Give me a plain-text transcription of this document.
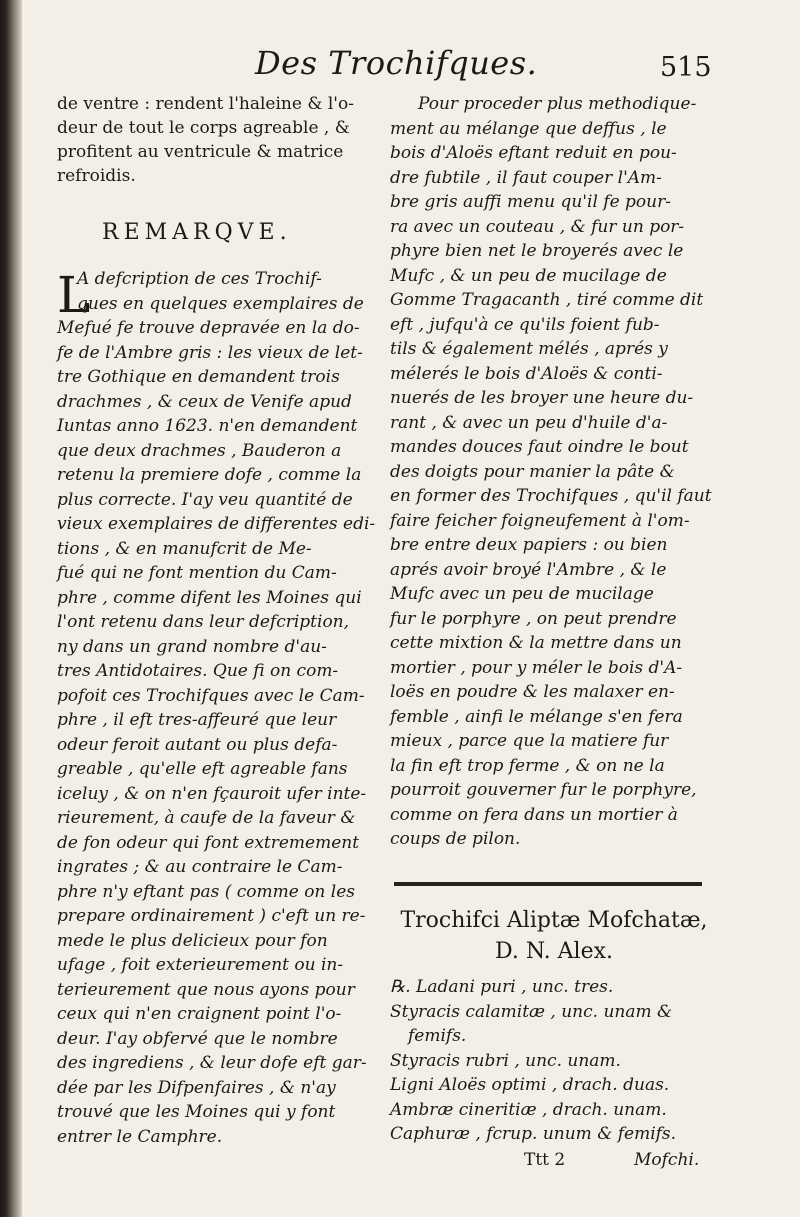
Des Trochifques.	515
de ventre : rendent l'haleine & l'o-
deur de tout le corps agreable , &
profitent au ventricule & matrice
refroidis.
REMARQVE.
L
A defcription de ces Trochif-
ques en quelques exemplaires de
Mefué fe trouve depravée en la do-
fe de l'Ambre gris : les vieux de let-
tre Gothique en demandent trois
drachmes , & ceux de Venife apud
Iuntas anno 1623. n'en demandent
que deux drachmes , Bauderon a
retenu la premiere dofe , comme la
plus correcte. I'ay veu quantité de
vieux exemplaires de differentes edi-
tions , & en manufcrit de Me-
fué qui ne font mention du Cam-
phre , comme difent les Moines qui
l'ont retenu dans leur defcription,
ny dans un grand nombre d'au-
tres Antidotaires. Que fi on com-
pofoit ces Trochifques avec le Cam-
phre , il eft tres-affeuré que leur
odeur feroit autant ou plus defa-
greable , qu'elle eft agreable fans
iceluy , & on n'en fçauroit ufer inte-
rieurement, à caufe de la faveur &
de fon odeur qui font extremement
ingrates ; & au contraire le Cam-
phre n'y eftant pas ( comme on les
prepare ordinairement ) c'eft un re-
mede le plus delicieux pour fon
ufage , foit exterieurement ou in-
terieurement que nous ayons pour
ceux qui n'en craignent point l'o-
deur. I'ay obfervé que le nombre
des ingrediens , & leur dofe eft gar-
dée par les Difpenfaires , & n'ay
trouvé que les Moines qui y font
entrer le Camphre.
Pour proceder plus methodique-
ment au mélange que deffus , le
bois d'Aloës eftant reduit en pou-
dre fubtile , il faut couper l'Am-
bre gris auffi menu qu'il fe pour-
ra avec un couteau , & fur un por-
phyre bien net le broyerés avec le
Mufc , & un peu de mucilage de
Gomme Tragacanth , tiré comme dit
eft , jufqu'à ce qu'ils foient fub-
tils & également mélés , aprés y
mélerés le bois d'Aloës & conti-
nuerés de les broyer une heure du-
rant , & avec un peu d'huile d'a-
mandes douces faut oindre le bout
des doigts pour manier la pâte &
en former des Trochifques , qu'il faut
faire feicher foigneufement à l'om-
bre entre deux papiers : ou bien
aprés avoir broyé l'Ambre , & le
Mufc avec un peu de mucilage
fur le porphyre , on peut prendre
cette mixtion & la mettre dans un
mortier , pour y méler le bois d'A-
loës en poudre & les malaxer en-
femble , ainfi le mélange s'en fera
mieux , parce que la matiere fur
la fin eft trop ferme , & on ne la
pourroit gouverner fur le porphyre,
comme on fera dans un mortier à
coups de pilon.
℞. Ladani puri , unc. tres.
Styracis calamitæ , unc. unam &
femifs.
Styracis rubri , unc. unam.
Ligni Aloës optimi , drach. duas.
Ambræ cineritiæ , drach. unam.
Caphuræ , fcrup. unum & femifs.
Trochifci Aliptæ Mofchatæ,
D. N. Alex.
Ttt 2	Mofchi.
